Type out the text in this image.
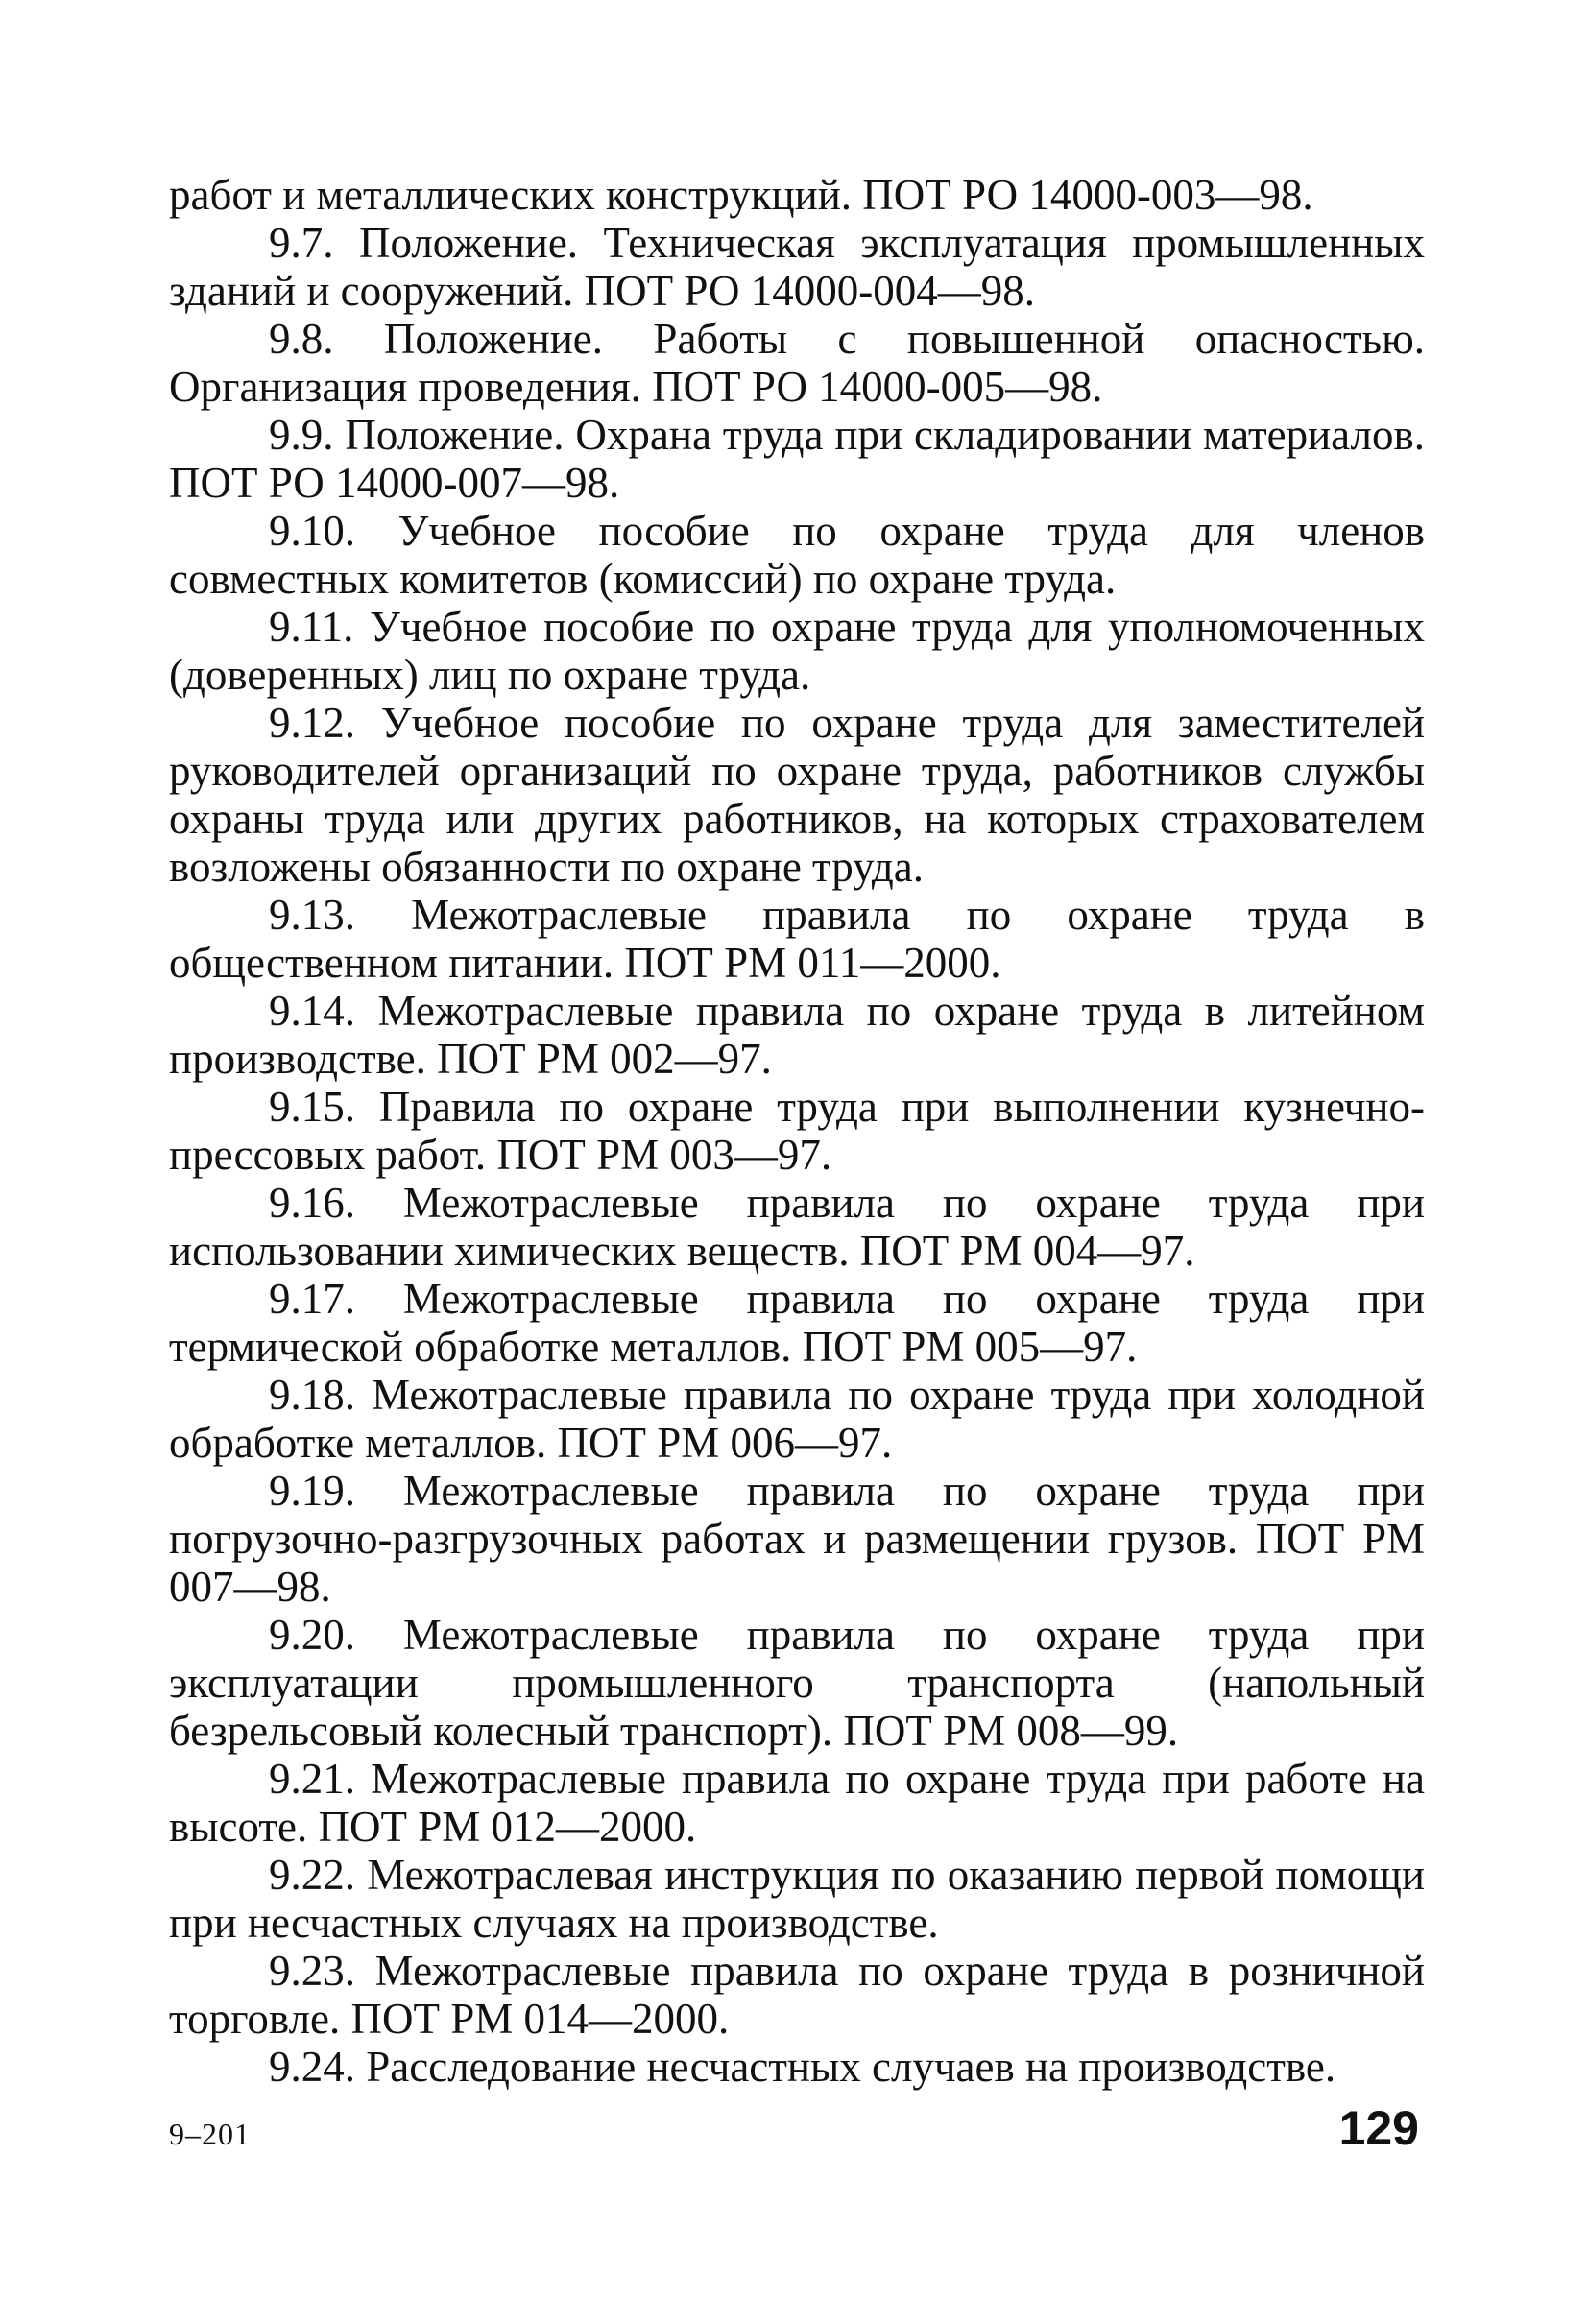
работ и металлических конструкций. ПОТ РО 14000-003—98.

9.7. Положение. Техническая эксплуатация промышленных зданий и сооружений. ПОТ РО 14000-004—98.

9.8. Положение. Работы с повышенной опасностью. Организация проведения. ПОТ РО 14000-005—98.

9.9. Положение. Охрана труда при складировании материалов. ПОТ РО 14000-007—98.

9.10. Учебное пособие по охране труда для членов совместных комитетов (комиссий) по охране труда.

9.11. Учебное пособие по охране труда для уполномоченных (доверенных) лиц по охране труда.

9.12. Учебное пособие по охране труда для заместителей руководителей организаций по охране труда, работников службы охраны труда или других работников, на которых страхователем возложены обязанности по охране труда.

9.13. Межотраслевые правила по охране труда в общественном питании. ПОТ РМ 011—2000.

9.14. Межотраслевые правила по охране труда в литейном производстве. ПОТ РМ 002—97.

9.15. Правила по охране труда при выполнении кузнечно-прессовых работ. ПОТ РМ 003—97.

9.16. Межотраслевые правила по охране труда при использовании химических веществ. ПОТ РМ 004—97.

9.17. Межотраслевые правила по охране труда при термической обработке металлов. ПОТ РМ 005—97.

9.18. Межотраслевые правила по охране труда при холодной обработке металлов. ПОТ РМ 006—97.

9.19. Межотраслевые правила по охране труда при погрузочно-разгрузочных работах и размещении грузов. ПОТ РМ 007—98.

9.20. Межотраслевые правила по охране труда при эксплуатации промышленного транспорта (напольный безрельсовый колесный транспорт). ПОТ РМ 008—99.

9.21. Межотраслевые правила по охране труда при работе на высоте. ПОТ РМ 012—2000.

9.22. Межотраслевая инструкция по оказанию первой помощи при несчастных случаях на производстве.

9.23. Межотраслевые правила по охране труда в розничной торговле. ПОТ РМ 014—2000.

9.24. Расследование несчастных случаев на производстве.

9–201	129
